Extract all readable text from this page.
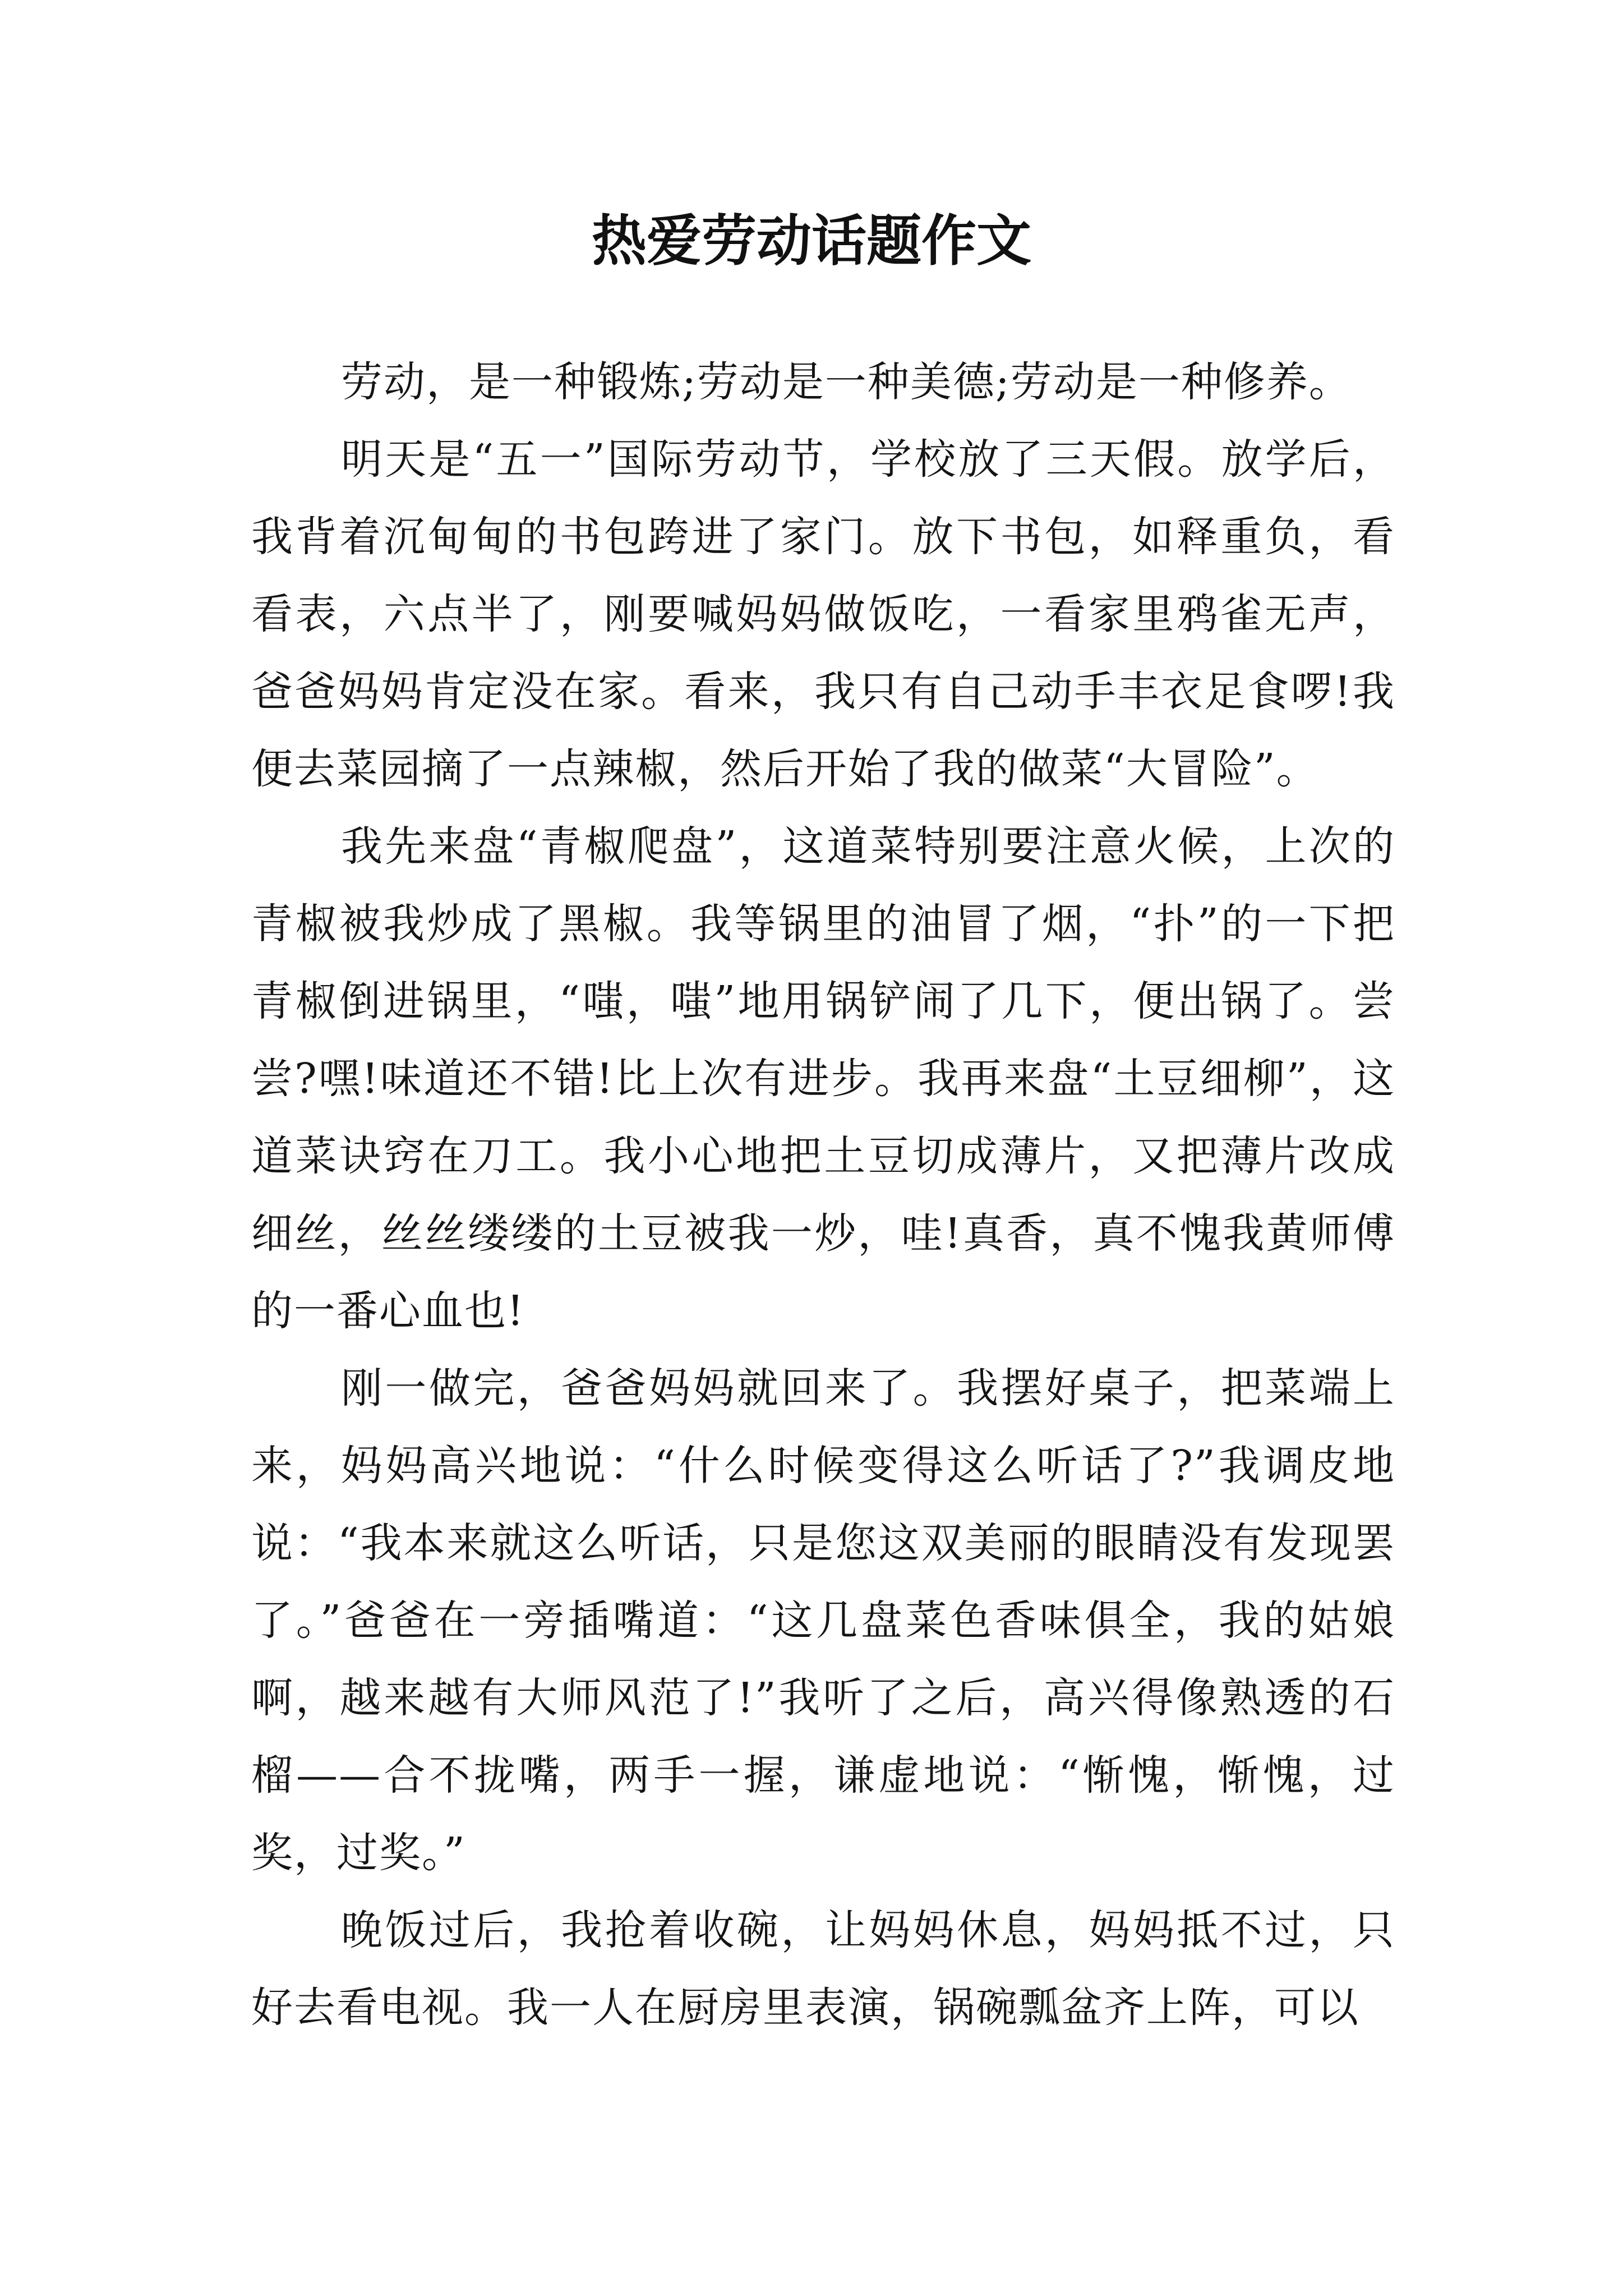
热爱劳动话题作文

劳动，是一种锻炼;劳动是一种美德;劳动是一种修养。

明天是“五一”国际劳动节，学校放了三天假。放学后，我背着沉甸甸的书包跨进了家门。放下书包，如释重负，看看表，六点半了，刚要喊妈妈做饭吃，一看家里鸦雀无声，爸爸妈妈肯定没在家。看来，我只有自己动手丰衣足食啰!我便去菜园摘了一点辣椒，然后开始了我的做菜“大冒险”。

我先来盘“青椒爬盘”，这道菜特别要注意火候，上次的青椒被我炒成了黑椒。我等锅里的油冒了烟，“扑”的一下把青椒倒进锅里，“嗤，嗤”地用锅铲闹了几下，便出锅了。尝尝?嘿!味道还不错!比上次有进步。我再来盘“土豆细柳”，这道菜诀窍在刀工。我小心地把土豆切成薄片，又把薄片改成细丝，丝丝缕缕的土豆被我一炒，哇!真香，真不愧我黄师傅的一番心血也!

刚一做完，爸爸妈妈就回来了。我摆好桌子，把菜端上来，妈妈高兴地说：“什么时候变得这么听话了?”我调皮地说：“我本来就这么听话，只是您这双美丽的眼睛没有发现罢了。”爸爸在一旁插嘴道：“这几盘菜色香味俱全，我的姑娘啊，越来越有大师风范了!”我听了之后，高兴得像熟透的石榴——合不拢嘴，两手一握，谦虚地说：“惭愧，惭愧，过奖，过奖。”

晚饭过后，我抢着收碗，让妈妈休息，妈妈抵不过，只好去看电视。我一人在厨房里表演，锅碗瓢盆齐上阵，可以
